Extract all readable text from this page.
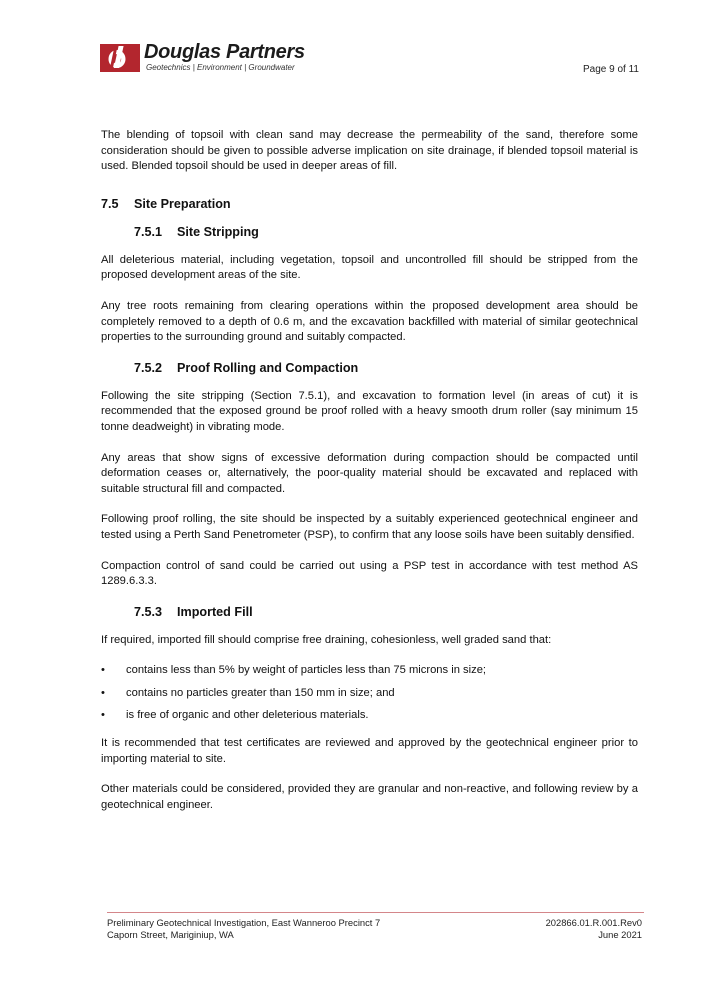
Douglas Partners
Geotechnics | Environment | Groundwater	Page 9 of 11

The blending of topsoil with clean sand may decrease the permeability of the sand, therefore some consideration should be given to possible adverse implication on site drainage, if blended topsoil material is used. Blended topsoil should be used in deeper areas of fill.

7.5 Site Preparation
7.5.1 Site Stripping

All deleterious material, including vegetation, topsoil and uncontrolled fill should be stripped from the proposed development areas of the site.

Any tree roots remaining from clearing operations within the proposed development area should be completely removed to a depth of 0.6 m, and the excavation backfilled with material of similar geotechnical properties to the surrounding ground and suitably compacted.

7.5.2 Proof Rolling and Compaction

Following the site stripping (Section 7.5.1), and excavation to formation level (in areas of cut) it is recommended that the exposed ground be proof rolled with a heavy smooth drum roller (say minimum 15 tonne deadweight) in vibrating mode.

Any areas that show signs of excessive deformation during compaction should be compacted until deformation ceases or, alternatively, the poor-quality material should be excavated and replaced with suitable structural fill and compacted.

Following proof rolling, the site should be inspected by a suitably experienced geotechnical engineer and tested using a Perth Sand Penetrometer (PSP), to confirm that any loose soils have been suitably densified.

Compaction control of sand could be carried out using a PSP test in accordance with test method AS 1289.6.3.3.

7.5.3 Imported Fill

If required, imported fill should comprise free draining, cohesionless, well graded sand that:

• contains less than 5% by weight of particles less than 75 microns in size;
• contains no particles greater than 150 mm in size; and
• is free of organic and other deleterious materials.

It is recommended that test certificates are reviewed and approved by the geotechnical engineer prior to importing material to site.

Other materials could be considered, provided they are granular and non-reactive, and following review by a geotechnical engineer.

Preliminary Geotechnical Investigation, East Wanneroo Precinct 7
Caporn Street, Mariginiup, WA
202866.01.R.001.Rev0
June 2021
